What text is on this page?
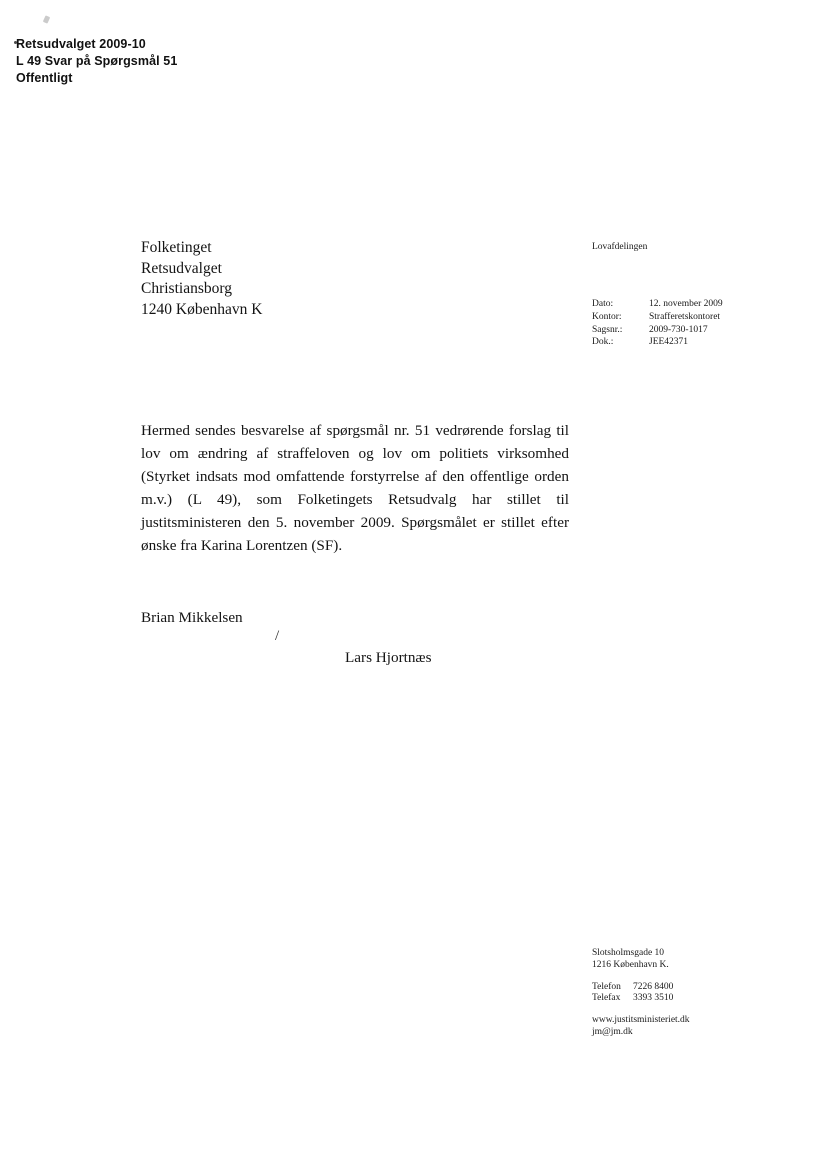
Retsudvalget 2009-10
L 49 Svar på Spørgsmål 51
Offentligt
Folketinget
Retsudvalget
Christiansborg
1240 København K
Lovafdelingen
Dato:	12. november 2009
Kontor:	Strafferetskontoret
Sagsnr.:	2009-730-1017
Dok.:	JEE42371
Hermed sendes besvarelse af spørgsmål nr. 51 vedrørende forslag til lov om ændring af straffeloven og lov om politiets virksomhed (Styrket indsats mod omfattende forstyrrelse af den offentlige orden m.v.) (L 49), som Folketingets Retsudvalg har stillet til justitsministeren den 5. november 2009. Spørgsmålet er stillet efter ønske fra Karina Lorentzen (SF).
Brian Mikkelsen
/
Lars Hjortnæs
Slotsholmsgade 10
1216 København K.
Telefon 7226 8400
Telefax 3393 3510
www.justitsministeriet.dk
jm@jm.dk
